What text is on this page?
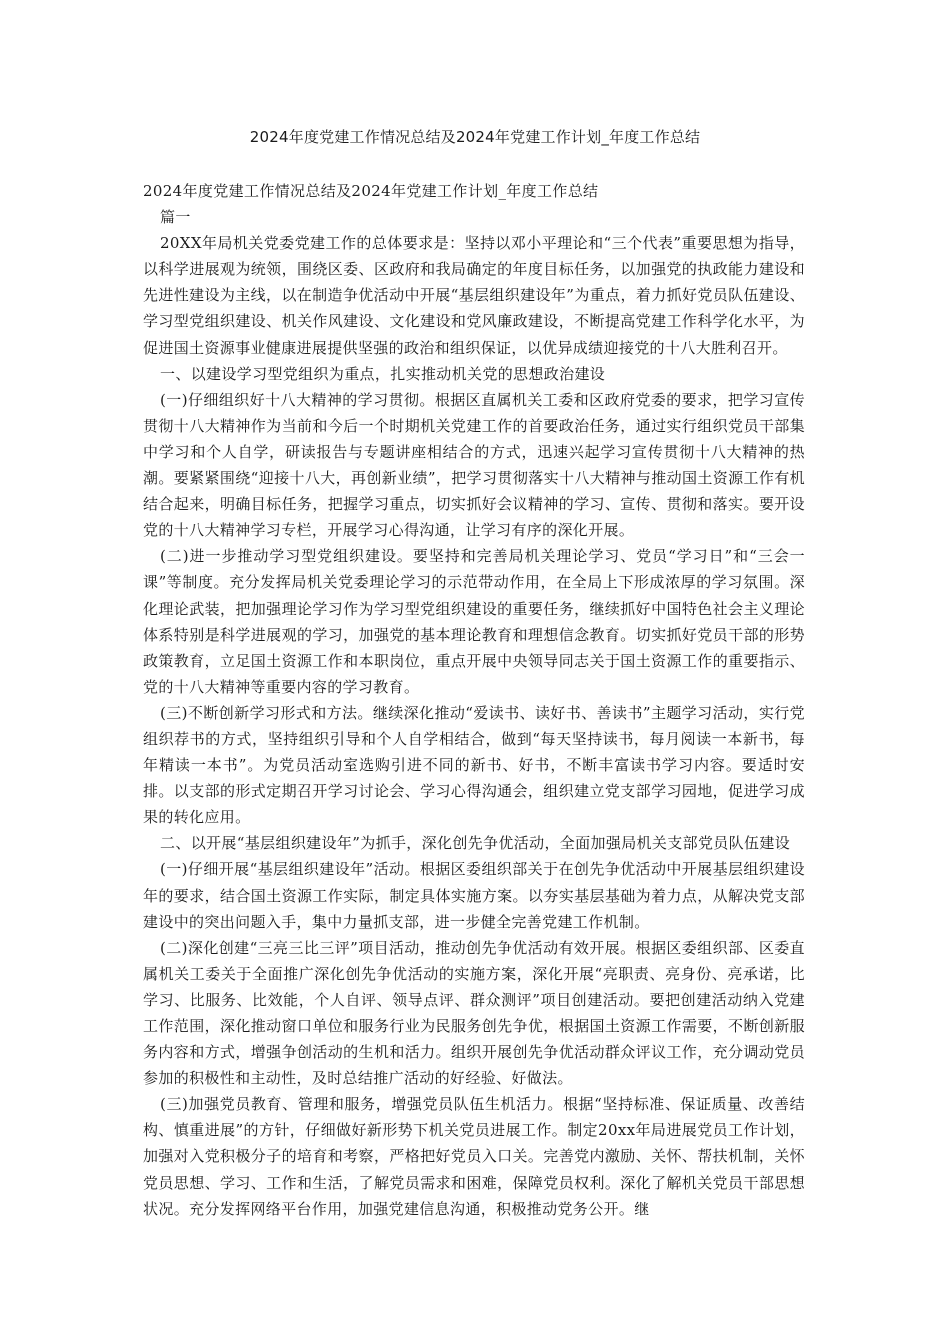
2024年度党建工作情况总结及2024年党建工作计划_年度工作总结

2024年度党建工作情况总结及2024年党建工作计划_年度工作总结

篇一

20XX年局机关党委党建工作的总体要求是：坚持以邓小平理论和“三个代表”重要思想为指导，以科学进展观为统领，围绕区委、区政府和我局确定的年度目标任务，以加强党的执政能力建设和先进性建设为主线，以在制造争优活动中开展“基层组织建设年”为重点，着力抓好党员队伍建设、学习型党组织建设、机关作风建设、文化建设和党风廉政建设，不断提高党建工作科学化水平，为促进国土资源事业健康进展提供坚强的政治和组织保证，以优异成绩迎接党的十八大胜利召开。

一、以建设学习型党组织为重点，扎实推动机关党的思想政治建设

(一)仔细组织好十八大精神的学习贯彻。根据区直属机关工委和区政府党委的要求，把学习宣传贯彻十八大精神作为当前和今后一个时期机关党建工作的首要政治任务，通过实行组织党员干部集中学习和个人自学，研读报告与专题讲座相结合的方式，迅速兴起学习宣传贯彻十八大精神的热潮。要紧紧围绕“迎接十八大，再创新业绩”，把学习贯彻落实十八大精神与推动国土资源工作有机结合起来，明确目标任务，把握学习重点，切实抓好会议精神的学习、宣传、贯彻和落实。要开设党的十八大精神学习专栏，开展学习心得沟通，让学习有序的深化开展。

(二)进一步推动学习型党组织建设。要坚持和完善局机关理论学习、党员“学习日”和“三会一课”等制度。充分发挥局机关党委理论学习的示范带动作用，在全局上下形成浓厚的学习氛围。深化理论武装，把加强理论学习作为学习型党组织建设的重要任务，继续抓好中国特色社会主义理论体系特别是科学进展观的学习，加强党的基本理论教育和理想信念教育。切实抓好党员干部的形势政策教育，立足国土资源工作和本职岗位，重点开展中央领导同志关于国土资源工作的重要指示、党的十八大精神等重要内容的学习教育。

(三)不断创新学习形式和方法。继续深化推动“爱读书、读好书、善读书”主题学习活动，实行党组织荐书的方式，坚持组织引导和个人自学相结合，做到“每天坚持读书，每月阅读一本新书，每年精读一本书”。为党员活动室选购引进不同的新书、好书，不断丰富读书学习内容。要适时安排。以支部的形式定期召开学习讨论会、学习心得沟通会，组织建立党支部学习园地，促进学习成果的转化应用。

二、以开展“基层组织建设年”为抓手，深化创先争优活动，全面加强局机关支部党员队伍建设

(一)仔细开展“基层组织建设年”活动。根据区委组织部关于在创先争优活动中开展基层组织建设年的要求，结合国土资源工作实际，制定具体实施方案。以夯实基层基础为着力点，从解决党支部建设中的突出问题入手，集中力量抓支部，进一步健全完善党建工作机制。

(二)深化创建“三亮三比三评”项目活动，推动创先争优活动有效开展。根据区委组织部、区委直属机关工委关于全面推广深化创先争优活动的实施方案，深化开展“亮职责、亮身份、亮承诺，比学习、比服务、比效能，个人自评、领导点评、群众测评”项目创建活动。要把创建活动纳入党建工作范围，深化推动窗口单位和服务行业为民服务创先争优，根据国土资源工作需要，不断创新服务内容和方式，增强争创活动的生机和活力。组织开展创先争优活动群众评议工作，充分调动党员参加的积极性和主动性，及时总结推广活动的好经验、好做法。

(三)加强党员教育、管理和服务，增强党员队伍生机活力。根据“坚持标准、保证质量、改善结构、慎重进展”的方针，仔细做好新形势下机关党员进展工作。制定20xx年局进展党员工作计划，加强对入党积极分子的培育和考察，严格把好党员入口关。完善党内激励、关怀、帮扶机制，关怀党员思想、学习、工作和生活，了解党员需求和困难，保障党员权利。深化了解机关党员干部思想状况。充分发挥网络平台作用，加强党建信息沟通，积极推动党务公开。继
